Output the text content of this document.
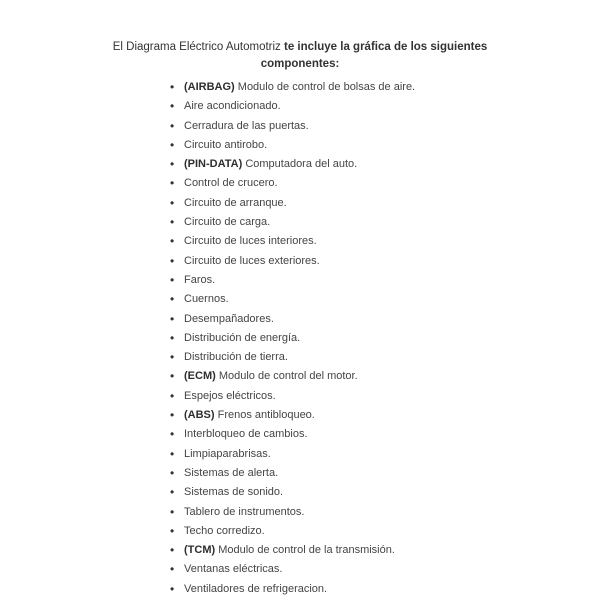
El Diagrama Eléctrico Automotriz te incluye la gráfica de los siguientes componentes:
• (AIRBAG) Modulo de control de bolsas de aire.
• Aire acondicionado.
• Cerradura de las puertas.
• Circuito antirobo.
• (PIN-DATA) Computadora del auto.
• Control de crucero.
• Circuito de arranque.
• Circuito de carga.
• Circuito de luces interiores.
• Circuito de luces exteriores.
• Faros.
• Cuernos.
• Desempañadores.
• Distribución de energía.
• Distribución de tierra.
• (ECM) Modulo de control del motor.
• Espejos eléctricos.
• (ABS) Frenos antibloqueo.
• Interbloqueo de cambios.
• Limpiaparabrisas.
• Sistemas de alerta.
• Sistemas de sonido.
• Tablero de instrumentos.
• Techo corredizo.
• (TCM) Modulo de control de la transmisión.
• Ventanas eléctricas.
• Ventiladores de refrigeracion.
